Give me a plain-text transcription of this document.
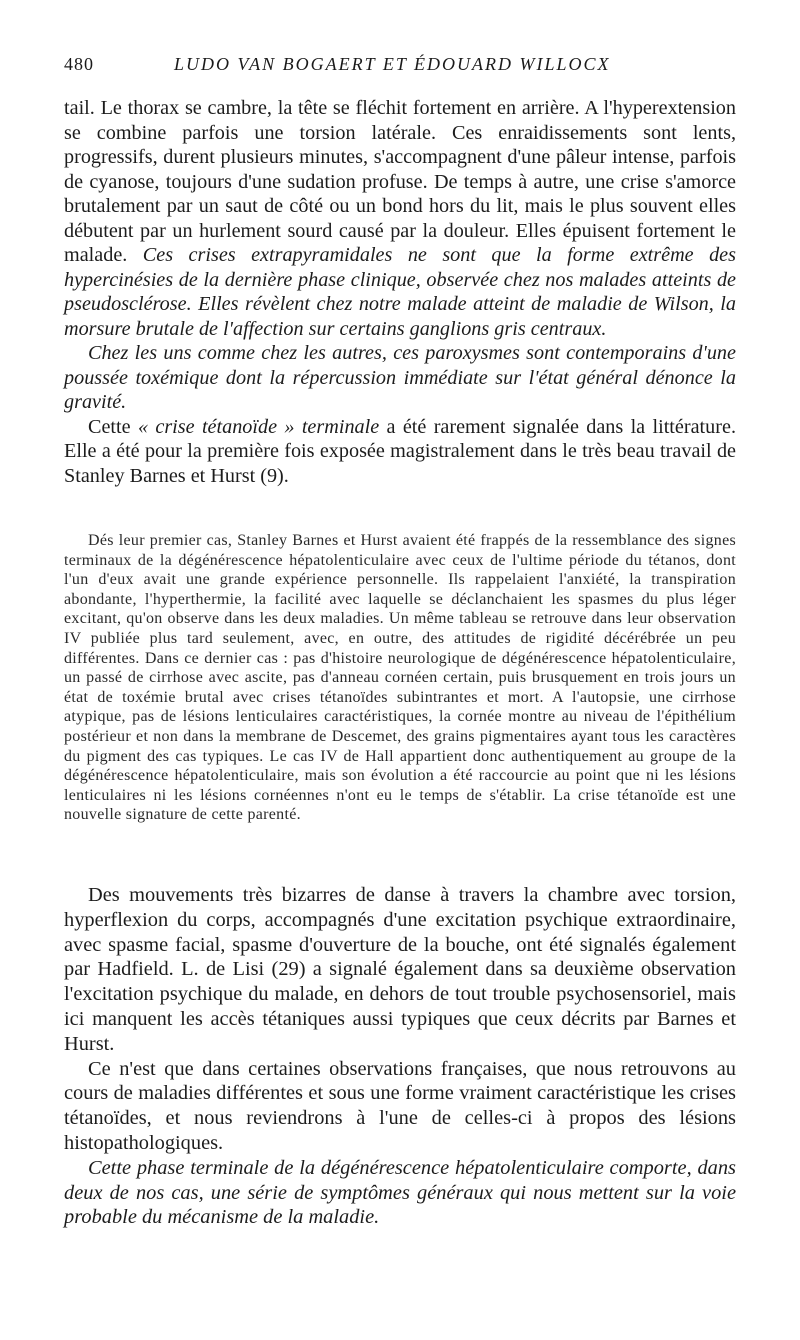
480	LUDO VAN BOGAERT ET ÉDOUARD WILLOCX

tail. Le thorax se cambre, la tête se fléchit fortement en arrière. A l'hyperextension se combine parfois une torsion latérale. Ces enraidissements sont lents, progressifs, durent plusieurs minutes, s'accompagnent d'une pâleur intense, parfois de cyanose, toujours d'une sudation profuse. De temps à autre, une crise s'amorce brutalement par un saut de côté ou un bond hors du lit, mais le plus souvent elles débutent par un hurlement sourd causé par la douleur. Elles épuisent fortement le malade. Ces crises extrapyramidales ne sont que la forme extrême des hypercinésies de la dernière phase clinique, observée chez nos malades atteints de pseudosclérose. Elles révèlent chez notre malade atteint de maladie de Wilson, la morsure brutale de l'affection sur certains ganglions gris centraux.

Chez les uns comme chez les autres, ces paroxysmes sont contemporains d'une poussée toxémique dont la répercussion immédiate sur l'état général dénonce la gravité.

Cette « crise tétanoïde » terminale a été rarement signalée dans la littérature. Elle a été pour la première fois exposée magistralement dans le très beau travail de Stanley Barnes et Hurst (9).

Dés leur premier cas, Stanley Barnes et Hurst avaient été frappés de la ressemblance des signes terminaux de la dégénérescence hépatolenticulaire avec ceux de l'ultime période du tétanos, dont l'un d'eux avait une grande expérience personnelle. Ils rappelaient l'anxiété, la transpiration abondante, l'hyperthermie, la facilité avec laquelle se déclanchaient les spasmes du plus léger excitant, qu'on observe dans les deux maladies. Un même tableau se retrouve dans leur observation IV publiée plus tard seulement, avec, en outre, des attitudes de rigidité décérébrée un peu différentes. Dans ce dernier cas : pas d'histoire neurologique de dégénérescence hépatolenticulaire, un passé de cirrhose avec ascite, pas d'anneau cornéen certain, puis brusquement en trois jours un état de toxémie brutal avec crises tétanoïdes subintrantes et mort. A l'autopsie, une cirrhose atypique, pas de lésions lenticulaires caractéristiques, la cornée montre au niveau de l'épithélium postérieur et non dans la membrane de Descemet, des grains pigmentaires ayant tous les caractères du pigment des cas typiques. Le cas IV de Hall appartient donc authentiquement au groupe de la dégénérescence hépatolenticulaire, mais son évolution a été raccourcie au point que ni les lésions lenticulaires ni les lésions cornéennes n'ont eu le temps de s'établir. La crise tétanoïde est une nouvelle signature de cette parenté.

Des mouvements très bizarres de danse à travers la chambre avec torsion, hyperflexion du corps, accompagnés d'une excitation psychique extraordinaire, avec spasme facial, spasme d'ouverture de la bouche, ont été signalés également par Hadfield. L. de Lisi (29) a signalé également dans sa deuxième observation l'excitation psychique du malade, en dehors de tout trouble psychosensoriel, mais ici manquent les accès tétaniques aussi typiques que ceux décrits par Barnes et Hurst.

Ce n'est que dans certaines observations françaises, que nous retrouvons au cours de maladies différentes et sous une forme vraiment caractéristique les crises tétanoïdes, et nous reviendrons à l'une de celles-ci à propos des lésions histopathologiques.

Cette phase terminale de la dégénérescence hépatolenticulaire comporte, dans deux de nos cas, une série de symptômes généraux qui nous mettent sur la voie probable du mécanisme de la maladie.
